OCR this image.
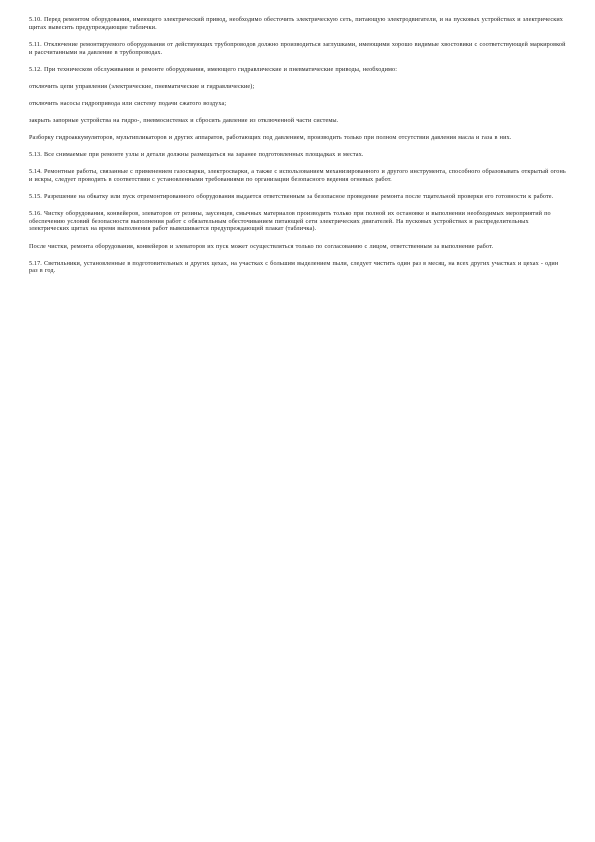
5.10. Перед ремонтом оборудования, имеющего электрический привод, необходимо обесточить электрическую сеть, питающую электродвигатели, и на пусковых устройствах и электрических щитах вывесить предупреждающие таблички.

5.11. Отключение ремонтируемого оборудования от действующих трубопроводов должно производиться заглушками, имеющими хорошо видимые хвостовики с соответствующей маркировкой и рассчитанными на давление в трубопроводах.

5.12. При техническом обслуживании и ремонте оборудования, имеющего гидравлические и пневматические приводы, необходимо:

отключить цепи управления (электрические, пневматические и гидравлические);

отключить насосы гидропривода или систему подачи сжатого воздуха;

закрыть запорные устройства на гидро-, пневмосистемах и сбросить давление из отключенной части системы.

Разборку гидроаккумуляторов, мультипликаторов и других аппаратов, работающих под давлением, производить только при полном отсутствии давления масла и газа в них.

5.13. Все снимаемые при ремонте узлы и детали должны размещаться на заранее подготовленных площадках и местах.

5.14. Ремонтные работы, связанные с применением газосварки, электросварки, а также с использованием механизированного и другого инструмента, способного образовывать открытый огонь и искры, следует проводить в соответствии с установленными требованиями по организации безопасного ведения огневых работ.

5.15. Разрешение на обкатку или пуск отремонтированного оборудования выдается ответственным за безопасное проведение ремонта после тщательной проверки его готовности к работе.

5.16. Чистку оборудования, конвейеров, элеваторов от резины, заусенцев, смычных материалов производить только при полной их остановке и выполнении необходимых мероприятий по обеспечению условий безопасности выполнения работ с обязательным обесточиванием питающей сети электрических двигателей. На пусковых устройствах и распределительных электрических щитах на время выполнения работ вывешивается предупреждающий плакат (табличка).

После чистки, ремонта оборудования, конвейеров и элеваторов их пуск может осуществляться только по согласованию с лицом, ответственным за выполнение работ.

5.17. Светильники, установленные в подготовительных и других цехах, на участках с большим выделением пыли, следует чистить один раз в месяц, на всех других участках и цехах - один раз в год.
